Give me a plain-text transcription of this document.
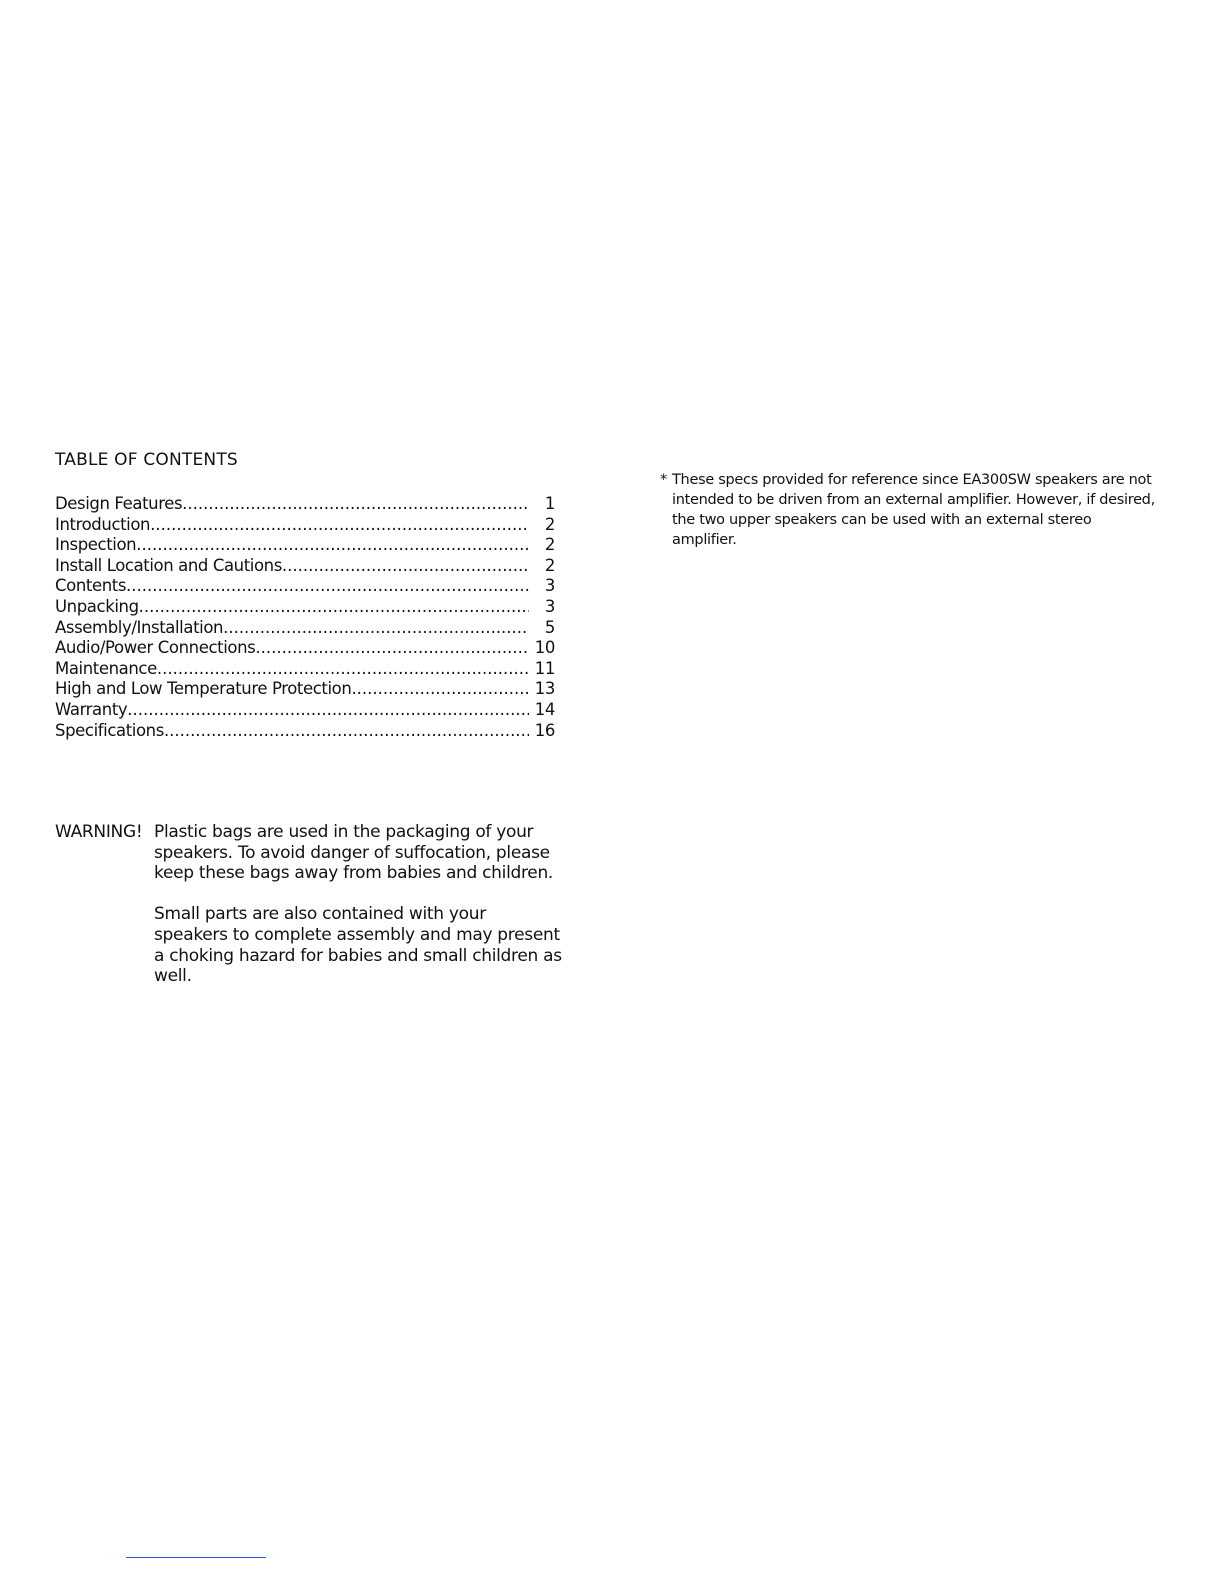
TABLE OF CONTENTS
Design Features .....	1
Introduction .....	2
Inspection .....	2
Install Location and Cautions .....	2
Contents .....	3
Unpacking .....	3
Assembly/Installation .....	5
Audio/Power Connections .....	10
Maintenance .....	11
High and Low Temperature Protection .....	13
Warranty .....	14
Specifications .....	16
WARNING! Plastic bags are used in the packaging of your speakers. To avoid danger of suffocation, please keep these bags away from babies and children.

Small parts are also contained with your speakers to complete assembly and may present a choking hazard for babies and small children as well.

* These specs provided for reference since EA300SW speakers are not intended to be driven from an external amplifier. However, if desired, the two upper speakers can be used with an external stereo amplifier.
